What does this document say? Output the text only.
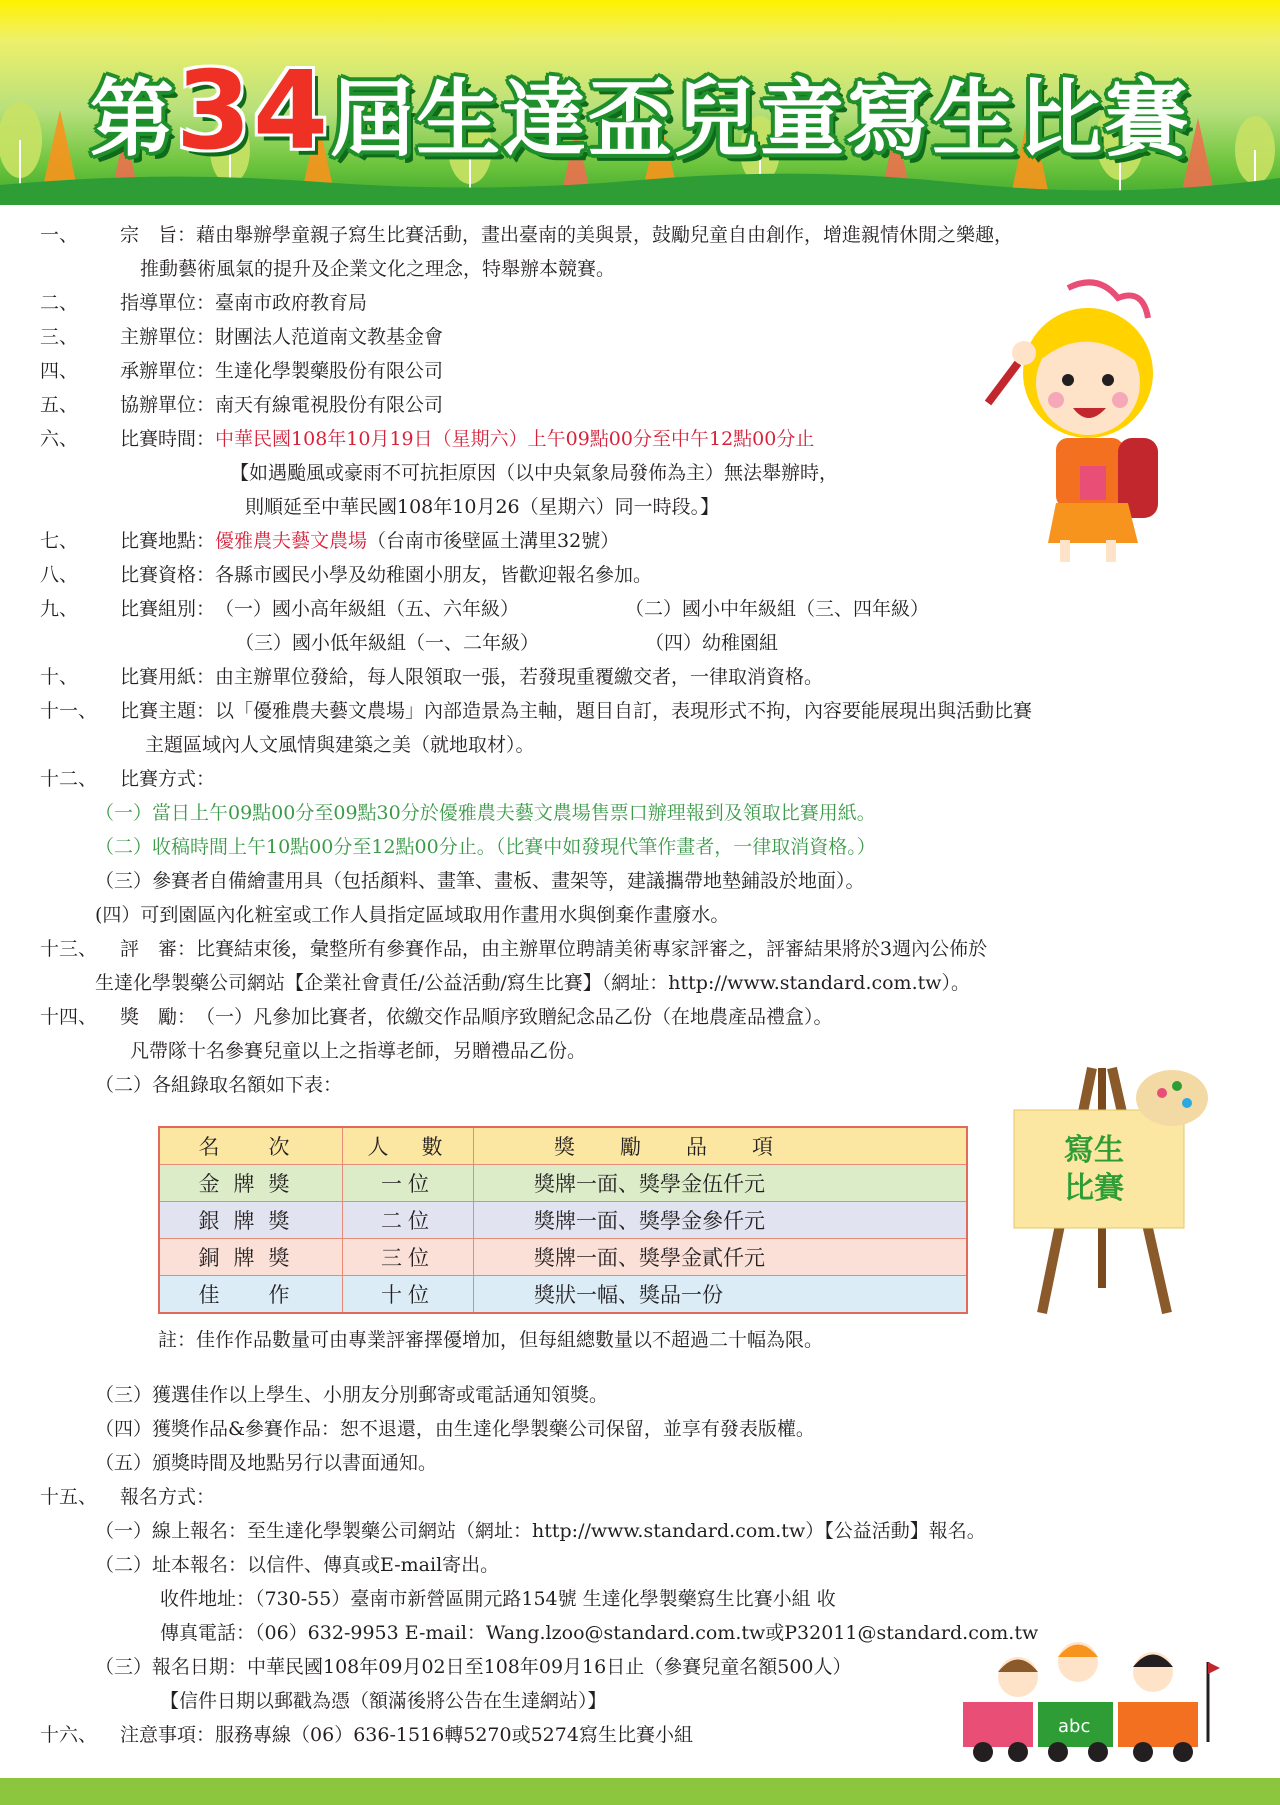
第34屆生達盃兒童寫生比賽
一、 宗　旨：藉由舉辦學童親子寫生比賽活動，畫出臺南的美與景，鼓勵兒童自由創作，增進親情休閒之樂趣，
推動藝術風氣的提升及企業文化之理念，特舉辦本競賽。
二、 指導單位：臺南市政府教育局
三、 主辦單位：財團法人范道南文教基金會
四、 承辦單位：生達化學製藥股份有限公司
五、 協辦單位：南天有線電視股份有限公司
六、 比賽時間：中華民國108年10月19日（星期六）上午09點00分至中午12點00分止
【如遇颱風或豪雨不可抗拒原因（以中央氣象局發佈為主）無法舉辦時，
則順延至中華民國108年10月26（星期六）同一時段。】
七、 比賽地點：優雅農夫藝文農場（台南市後壁區土溝里32號）
八、 比賽資格：各縣市國民小學及幼稚園小朋友，皆歡迎報名參加。
九、 比賽組別：（一）國小高年級組（五、六年級）	（二）國小中年級組（三、四年級）
（三）國小低年級組（一、二年級）	（四）幼稚園組
十、 比賽用紙：由主辦單位發給，每人限領取一張，若發現重覆繳交者，一律取消資格。
十一、 比賽主題：以「優雅農夫藝文農場」內部造景為主軸，題目自訂，表現形式不拘，內容要能展現出與活動比賽
主題區域內人文風情與建築之美（就地取材）。
十二、 比賽方式：
（一）當日上午09點00分至09點30分於優雅農夫藝文農場售票口辦理報到及領取比賽用紙。
（二）收稿時間上午10點00分至12點00分止。（比賽中如發現代筆作畫者，一律取消資格。）
（三）參賽者自備繪畫用具（包括顏料、畫筆、畫板、畫架等，建議攜帶地墊鋪設於地面）。
(四）可到園區內化粧室或工作人員指定區域取用作畫用水與倒棄作畫廢水。
十三、 評　審：比賽結束後，彙整所有參賽作品，由主辦單位聘請美術專家評審之，評審結果將於3週內公佈於
生達化學製藥公司網站【企業社會責任/公益活動/寫生比賽】（網址：http://www.standard.com.tw）。
十四、 獎　勵：（一）凡參加比賽者，依繳交作品順序致贈紀念品乙份（在地農產品禮盒）。
凡帶隊十名參賽兒童以上之指導老師，另贈禮品乙份。
（二）各組錄取名額如下表：
名　次	人　數	獎　勵　品　項
金牌獎	一位	獎牌一面、獎學金伍仟元
銀牌獎	二位	獎牌一面、獎學金參仟元
銅牌獎	三位	獎牌一面、獎學金貳仟元
佳　作	十位	獎狀一幅、獎品一份
註：佳作作品數量可由專業評審擇優增加，但每組總數量以不超過二十幅為限。
（三）獲選佳作以上學生、小朋友分別郵寄或電話通知領獎。
（四）獲獎作品&參賽作品：恕不退還，由生達化學製藥公司保留，並享有發表版權。
（五）頒獎時間及地點另行以書面通知。
十五、 報名方式：
（一）線上報名：至生達化學製藥公司網站（網址：http://www.standard.com.tw）【公益活動】報名。
（二）址本報名：以信件、傳真或E-mail寄出。
收件地址：（730-55）臺南市新營區開元路154號 生達化學製藥寫生比賽小組 收
傳真電話：（06）632-9953 E-mail：Wang.lzoo@standard.com.tw或P32011@standard.com.tw
（三）報名日期：中華民國108年09月02日至108年09月16日止（參賽兒童名額500人）
【信件日期以郵戳為憑（額滿後將公告在生達網站）】
十六、 注意事項：服務專線（06）636-1516轉5270或5274寫生比賽小組
寫生
比賽
abc
